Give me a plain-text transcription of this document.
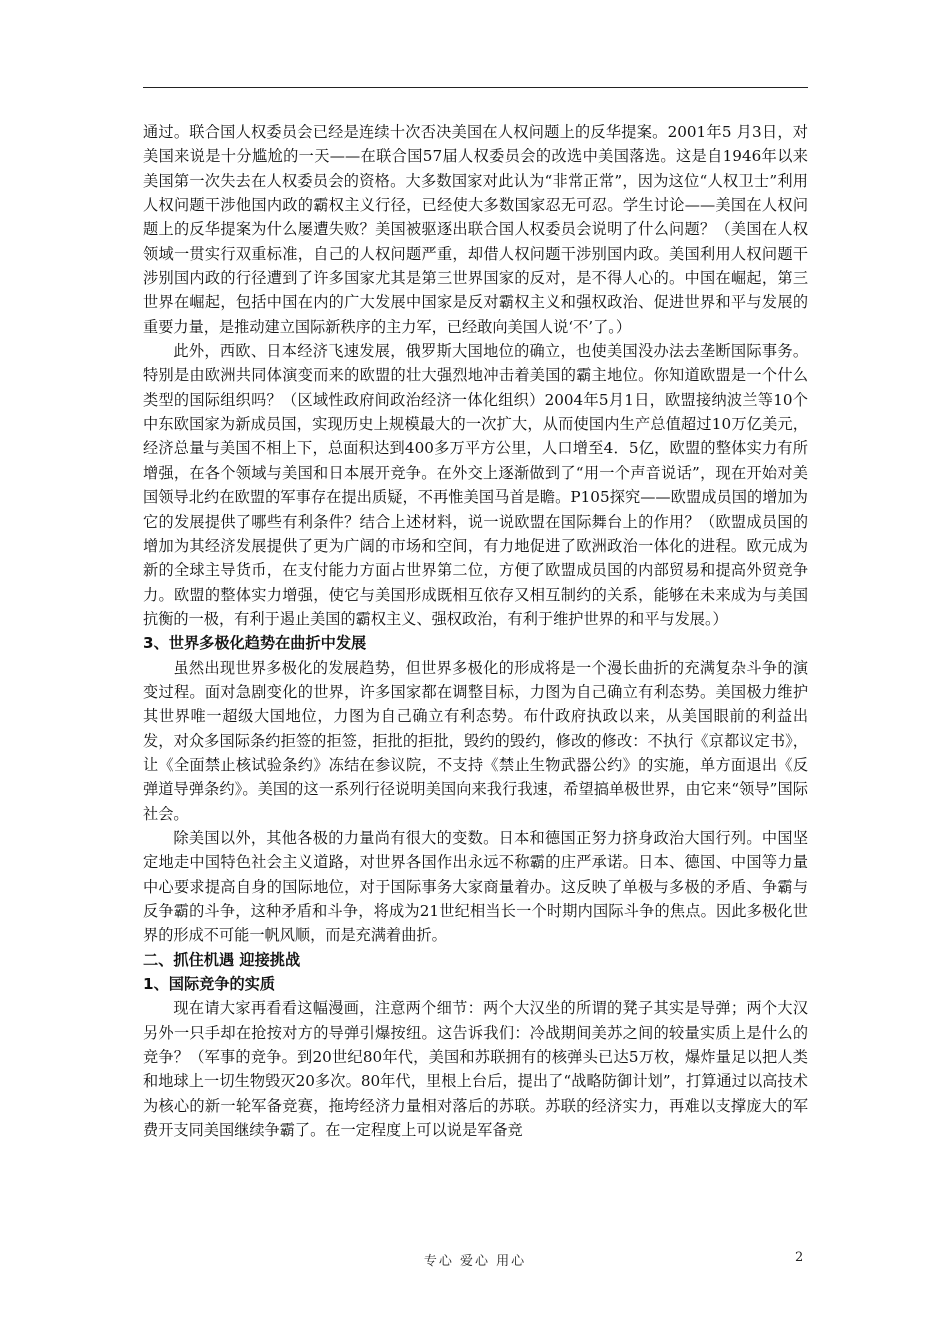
通过。联合国人权委员会已经是连续十次否决美国在人权问题上的反华提案。2001年5 月3日，对美国来说是十分尴尬的一天——在联合国57届人权委员会的改选中美国落选。这是自1946年以来美国第一次失去在人权委员会的资格。大多数国家对此认为“非常正常”，因为这位“人权卫士”利用人权问题干涉他国内政的霸权主义行径，已经使大多数国家忍无可忍。学生讨论——美国在人权问题上的反华提案为什么屡遭失败？美国被驱逐出联合国人权委员会说明了什么问题？（美国在人权领域一贯实行双重标准，自己的人权问题严重，却借人权问题干涉别国内政。美国利用人权问题干涉别国内政的行径遭到了许多国家尤其是第三世界国家的反对，是不得人心的。中国在崛起，第三世界在崛起，包括中国在内的广大发展中国家是反对霸权主义和强权政治、促进世界和平与发展的重要力量，是推动建立国际新秩序的主力军，已经敢向美国人说‘不’了。）

此外，西欧、日本经济飞速发展，俄罗斯大国地位的确立，也使美国没办法去垄断国际事务。特别是由欧洲共同体演变而来的欧盟的壮大强烈地冲击着美国的霸主地位。你知道欧盟是一个什么类型的国际组织吗？（区域性政府间政治经济一体化组织）2004年5月1日，欧盟接纳波兰等10个中东欧国家为新成员国，实现历史上规模最大的一次扩大，从而使国内生产总值超过10万亿美元，经济总量与美国不相上下，总面积达到400多万平方公里，人口增至4．5亿，欧盟的整体实力有所增强，在各个领域与美国和日本展开竞争。在外交上逐渐做到了“用一个声音说话”，现在开始对美国领导北约在欧盟的军事存在提出质疑，不再惟美国马首是瞻。P105探究——欧盟成员国的增加为它的发展提供了哪些有利条件？结合上述材料，说一说欧盟在国际舞台上的作用？（欧盟成员国的增加为其经济发展提供了更为广阔的市场和空间，有力地促进了欧洲政治一体化的进程。欧元成为新的全球主导货币，在支付能力方面占世界第二位，方便了欧盟成员国的内部贸易和提高外贸竞争力。欧盟的整体实力增强，使它与美国形成既相互依存又相互制约的关系，能够在未来成为与美国抗衡的一极，有利于遏止美国的霸权主义、强权政治，有利于维护世界的和平与发展。）

3、世界多极化趋势在曲折中发展

虽然出现世界多极化的发展趋势，但世界多极化的形成将是一个漫长曲折的充满复杂斗争的演变过程。面对急剧变化的世界，许多国家都在调整目标，力图为自己确立有利态势。美国极力维护其世界唯一超级大国地位，力图为自己确立有利态势。布什政府执政以来，从美国眼前的利益出发，对众多国际条约拒签的拒签，拒批的拒批，毁约的毁约，修改的修改：不执行《京都议定书》，让《全面禁止核试验条约》冻结在参议院，不支持《禁止生物武器公约》的实施，单方面退出《反弹道导弹条约》。美国的这一系列行径说明美国向来我行我速，希望搞单极世界，由它来“领导”国际社会。

除美国以外，其他各极的力量尚有很大的变数。日本和德国正努力挤身政治大国行列。中国坚定地走中国特色社会主义道路，对世界各国作出永远不称霸的庄严承诺。日本、德国、中国等力量中心要求提高自身的国际地位，对于国际事务大家商量着办。这反映了单极与多极的矛盾、争霸与反争霸的斗争，这种矛盾和斗争，将成为21世纪相当长一个时期内国际斗争的焦点。因此多极化世界的形成不可能一帆风顺，而是充满着曲折。

二、抓住机遇 迎接挑战
1、国际竞争的实质

现在请大家再看看这幅漫画，注意两个细节：两个大汉坐的所谓的凳子其实是导弹；两个大汉另外一只手却在抢按对方的导弹引爆按纽。这告诉我们：冷战期间美苏之间的较量实质上是什么的竞争？（军事的竞争。到20世纪80年代，美国和苏联拥有的核弹头已达5万枚，爆炸量足以把人类和地球上一切生物毁灭20多次。80年代，里根上台后，提出了“战略防御计划”，打算通过以高技术为核心的新一轮军备竞赛，拖垮经济力量相对落后的苏联。苏联的经济实力，再难以支撑庞大的军费开支同美国继续争霸了。在一定程度上可以说是军备竞

专心 爱心 用心	2
